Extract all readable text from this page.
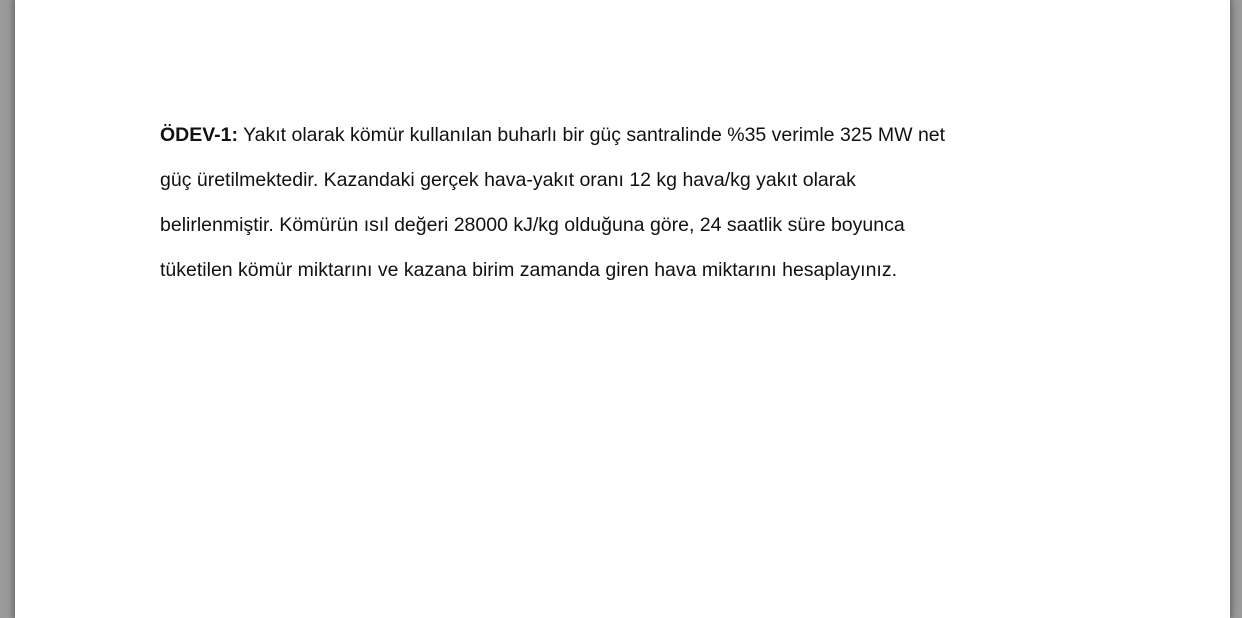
ÖDEV-1: Yakıt olarak kömür kullanılan buharlı bir güç santralinde %35 verimle 325 MW net
güç üretilmektedir. Kazandaki gerçek hava-yakıt oranı 12 kg hava/kg yakıt olarak
belirlenmiştir. Kömürün ısıl değeri 28000 kJ/kg olduğuna göre, 24 saatlik süre boyunca
tüketilen kömür miktarını ve kazana birim zamanda giren hava miktarını hesaplayınız.
